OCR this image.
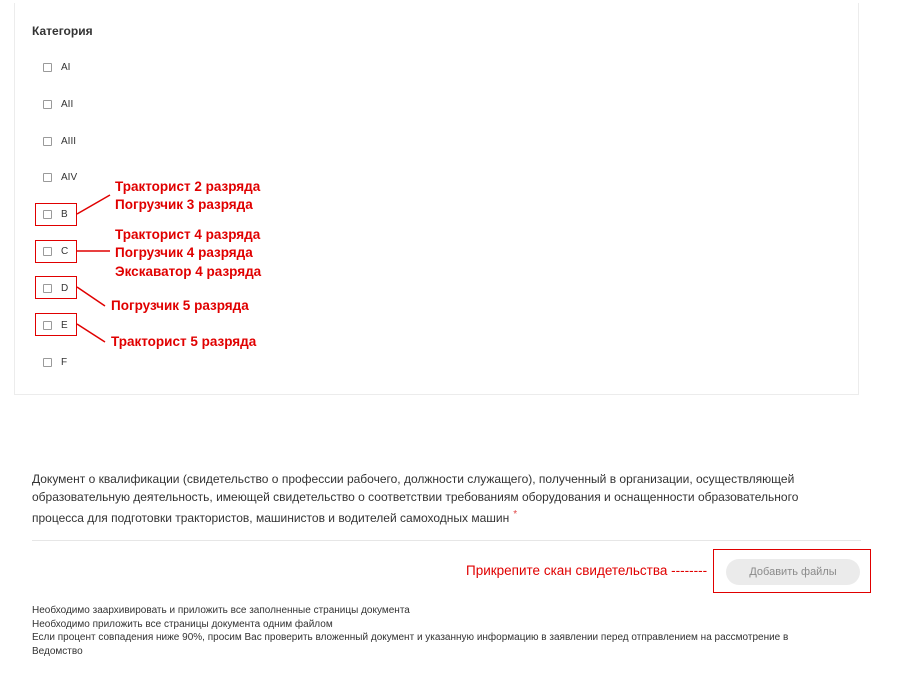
Категория
AI
AII
AIII
AIV
B
C
D
E
F
Тракторист 2 разряда
Погрузчик 3 разряда
Тракторист 4 разряда
Погрузчик 4 разряда
Экскаватор 4 разряда
Погрузчик 5 разряда
Тракторист 5 разряда
Документ о квалификации (свидетельство о профессии рабочего, должности служащего), полученный в организации, осуществляющей образовательную деятельность, имеющей свидетельство о соответствии требованиям оборудования и оснащенности образовательного процесса для подготовки трактористов, машинистов и водителей самоходных машин *
Прикрепите скан свидетельства --------	Добавить файлы
Необходимо заархивировать и приложить все заполненные страницы документа
Необходимо приложить все страницы документа одним файлом
Если процент совпадения ниже 90%, просим Вас проверить вложенный документ и указанную информацию в заявлении перед отправлением на рассмотрение в Ведомство
